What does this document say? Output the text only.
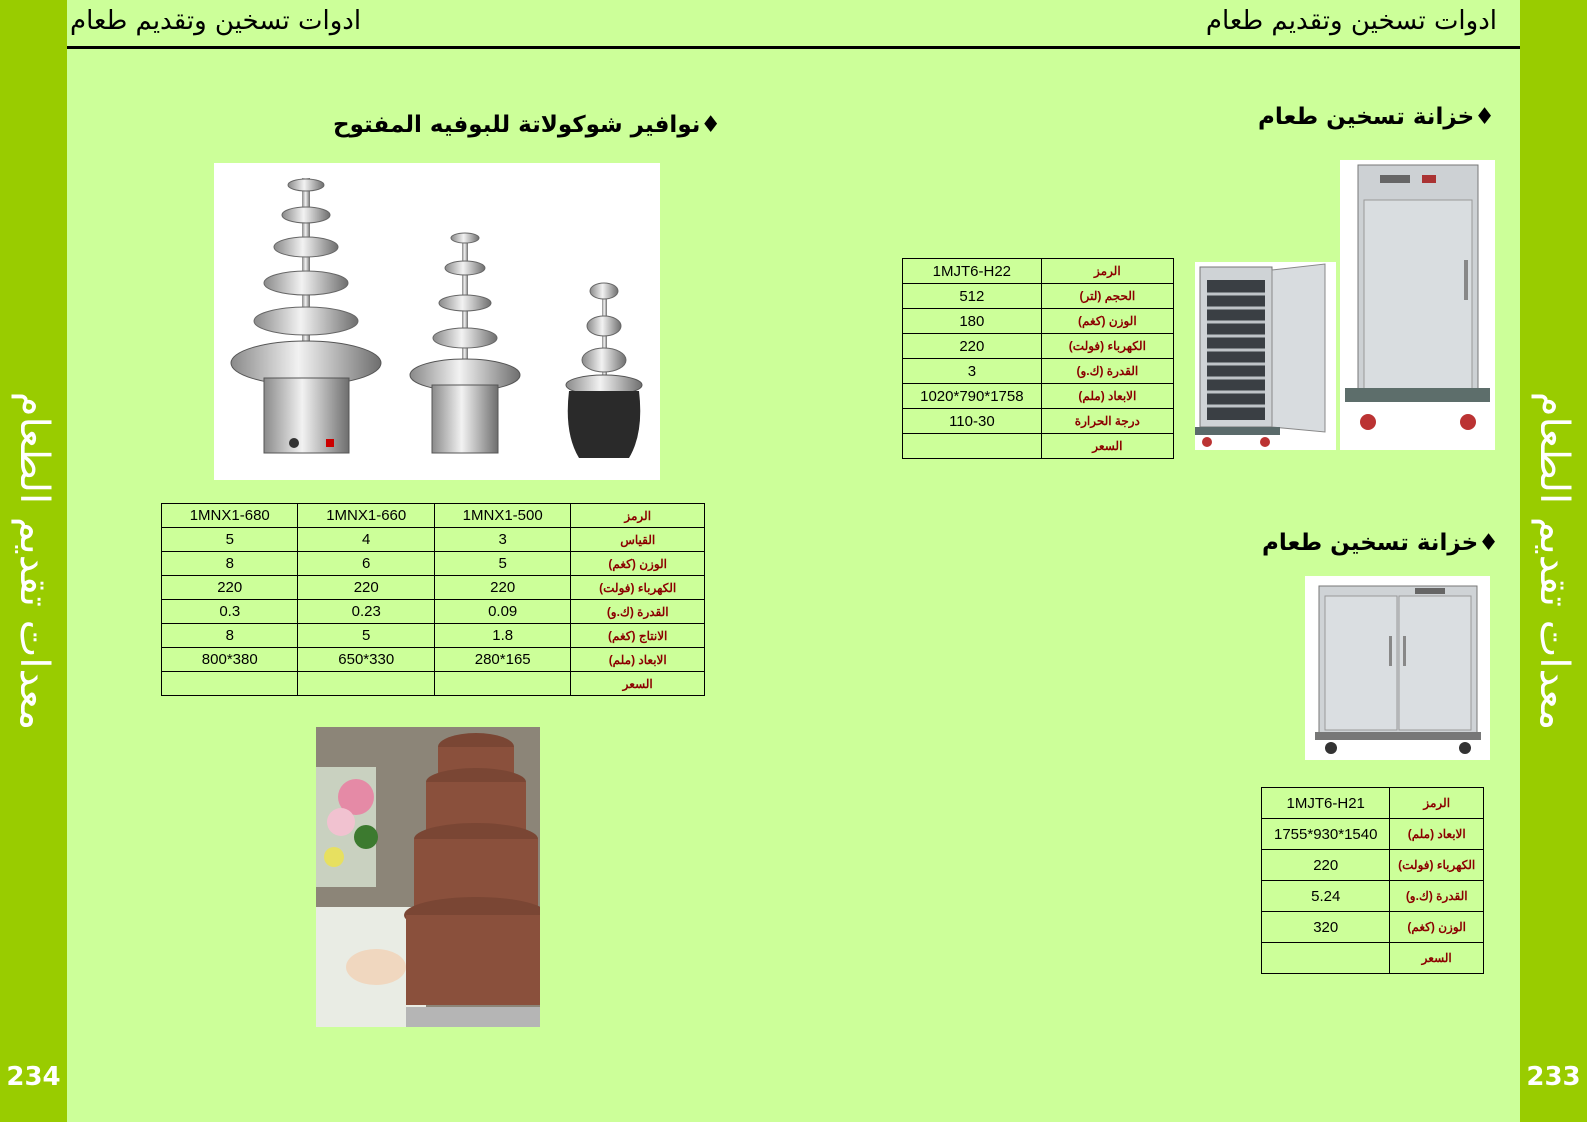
معدات تقديم الطعام
234
معدات تقديم الطعام
233
ادوات تسخين وتقديم طعام	ادوات تسخين وتقديم طعام
♦نوافير شوكولاتة للبوفيه المفتوح	♦خزانة تسخين طعام
♦خزانة تسخين طعام
الرمز	1MNX1-500	1MNX1-660	1MNX1-680
القياس	3	4	5
الوزن (كغم)	5	6	8
الكهرباء (فولت)	220	220	220
القدرة (ك.و)	0.09	0.23	0.3
الانتاج (كغم)	1.8	5	8
الابعاد (ملم)	165*280	330*650	380*800
السعر			
الرمز	1MJT6-H22
الحجم (لتر)	512
الوزن (كغم)	180
الكهرباء (فولت)	220
القدرة (ك.و)	3
الابعاد (ملم)	1758*790*1020
درجة الحرارة	110-30
السعر	
الرمز	1MJT6-H21
الابعاد (ملم)	1540*930*1755
الكهرباء (فولت)	220
القدرة (ك.و)	5.24
الوزن (كغم)	320
السعر	
